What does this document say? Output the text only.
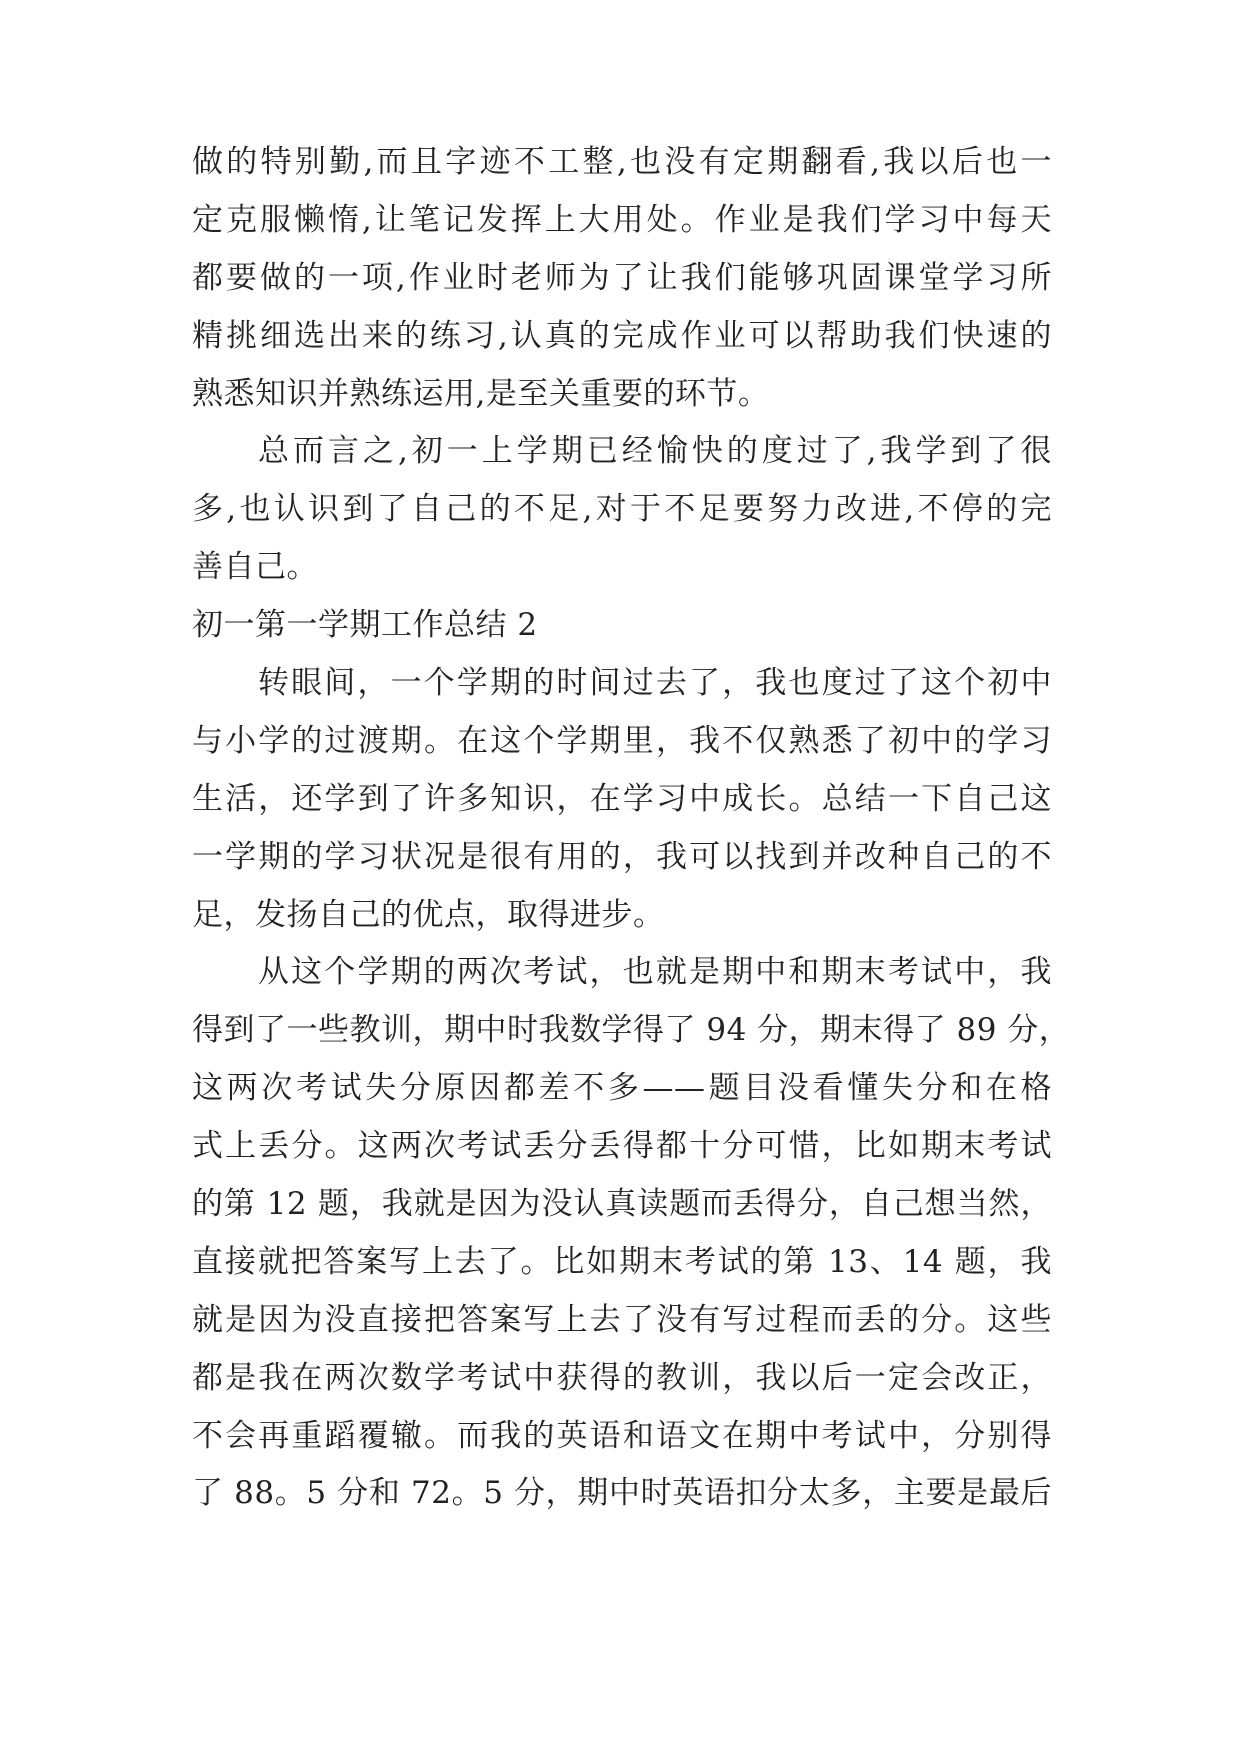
做的特别勤,而且字迹不工整,也没有定期翻看,我以后也一
定克服懒惰,让笔记发挥上大用处。作业是我们学习中每天
都要做的一项,作业时老师为了让我们能够巩固课堂学习所
精挑细选出来的练习,认真的完成作业可以帮助我们快速的
熟悉知识并熟练运用,是至关重要的环节。
总而言之,初一上学期已经愉快的度过了,我学到了很
多,也认识到了自己的不足,对于不足要努力改进,不停的完
善自己。
初一第一学期工作总结 2
转眼间，一个学期的时间过去了，我也度过了这个初中
与小学的过渡期。在这个学期里，我不仅熟悉了初中的学习
生活，还学到了许多知识，在学习中成长。总结一下自己这
一学期的学习状况是很有用的，我可以找到并改种自己的不
足，发扬自己的优点，取得进步。
从这个学期的两次考试，也就是期中和期末考试中，我
得到了一些教训，期中时我数学得了 94 分，期末得了 89 分，
这两次考试失分原因都差不多——题目没看懂失分和在格
式上丢分。这两次考试丢分丢得都十分可惜，比如期末考试
的第 12 题，我就是因为没认真读题而丢得分，自己想当然，
直接就把答案写上去了。比如期末考试的第 13、14 题，我
就是因为没直接把答案写上去了没有写过程而丢的分。这些
都是我在两次数学考试中获得的教训，我以后一定会改正，
不会再重蹈覆辙。而我的英语和语文在期中考试中，分别得
了 88。5 分和 72。5 分，期中时英语扣分太多，主要是最后
